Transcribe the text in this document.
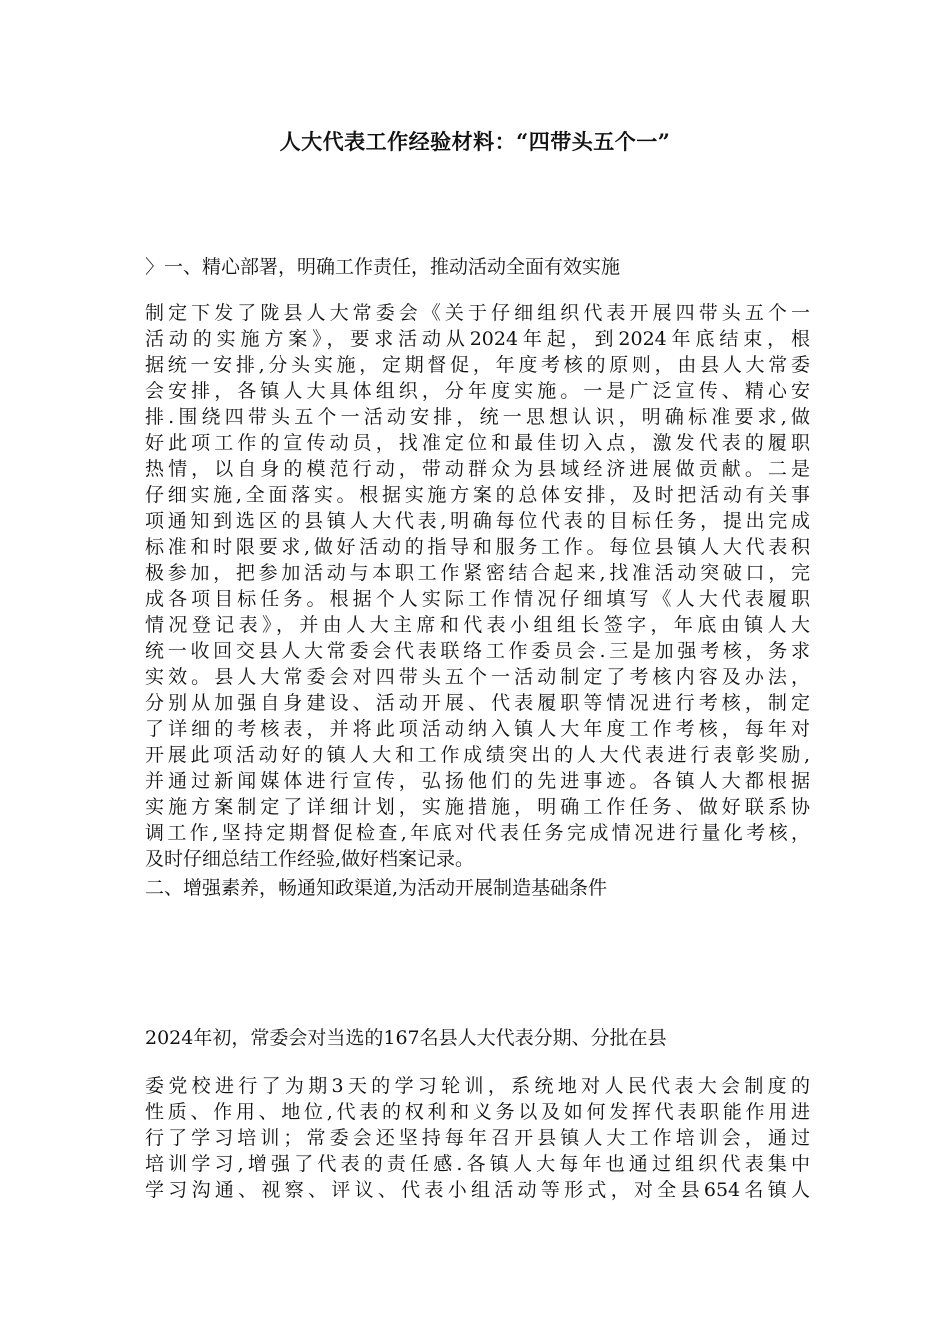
人大代表工作经验材料：“四带头五个一”

〉一、精心部署，明确工作责任，推动活动全面有效实施

制定下发了陇县人大常委会《关于仔细组织代表开展四带头五个一
活动的实施方案》，要求活动从2024年起，到2024年底结束，根
据统一安排,分头实施，定期督促，年度考核的原则，由县人大常委
会安排，各镇人大具体组织，分年度实施。一是广泛宣传、精心安
排.围绕四带头五个一活动安排，统一思想认识，明确标准要求,做
好此项工作的宣传动员，找准定位和最佳切入点，激发代表的履职
热情，以自身的模范行动，带动群众为县域经济进展做贡献。二是
仔细实施,全面落实。根据实施方案的总体安排，及时把活动有关事
项通知到选区的县镇人大代表,明确每位代表的目标任务，提出完成
标准和时限要求,做好活动的指导和服务工作。每位县镇人大代表积
极参加，把参加活动与本职工作紧密结合起来,找准活动突破口，完
成各项目标任务。根据个人实际工作情况仔细填写《人大代表履职
情况登记表》，并由人大主席和代表小组组长签字，年底由镇人大
统一收回交县人大常委会代表联络工作委员会.三是加强考核，务求
实效。县人大常委会对四带头五个一活动制定了考核内容及办法，
分别从加强自身建设、活动开展、代表履职等情况进行考核，制定
了详细的考核表，并将此项活动纳入镇人大年度工作考核，每年对
开展此项活动好的镇人大和工作成绩突出的人大代表进行表彰奖励,
并通过新闻媒体进行宣传，弘扬他们的先进事迹。各镇人大都根据
实施方案制定了详细计划，实施措施，明确工作任务、做好联系协
调工作,坚持定期督促检查,年底对代表任务完成情况进行量化考核，
及时仔细总结工作经验,做好档案记录。

二、增强素养，畅通知政渠道,为活动开展制造基础条件

2024年初，常委会对当选的167名县人大代表分期、分批在县

委党校进行了为期3天的学习轮训，系统地对人民代表大会制度的
性质、作用、地位,代表的权利和义务以及如何发挥代表职能作用进
行了学习培训；常委会还坚持每年召开县镇人大工作培训会，通过
培训学习,增强了代表的责任感.各镇人大每年也通过组织代表集中
学习沟通、视察、评议、代表小组活动等形式，对全县654名镇人
